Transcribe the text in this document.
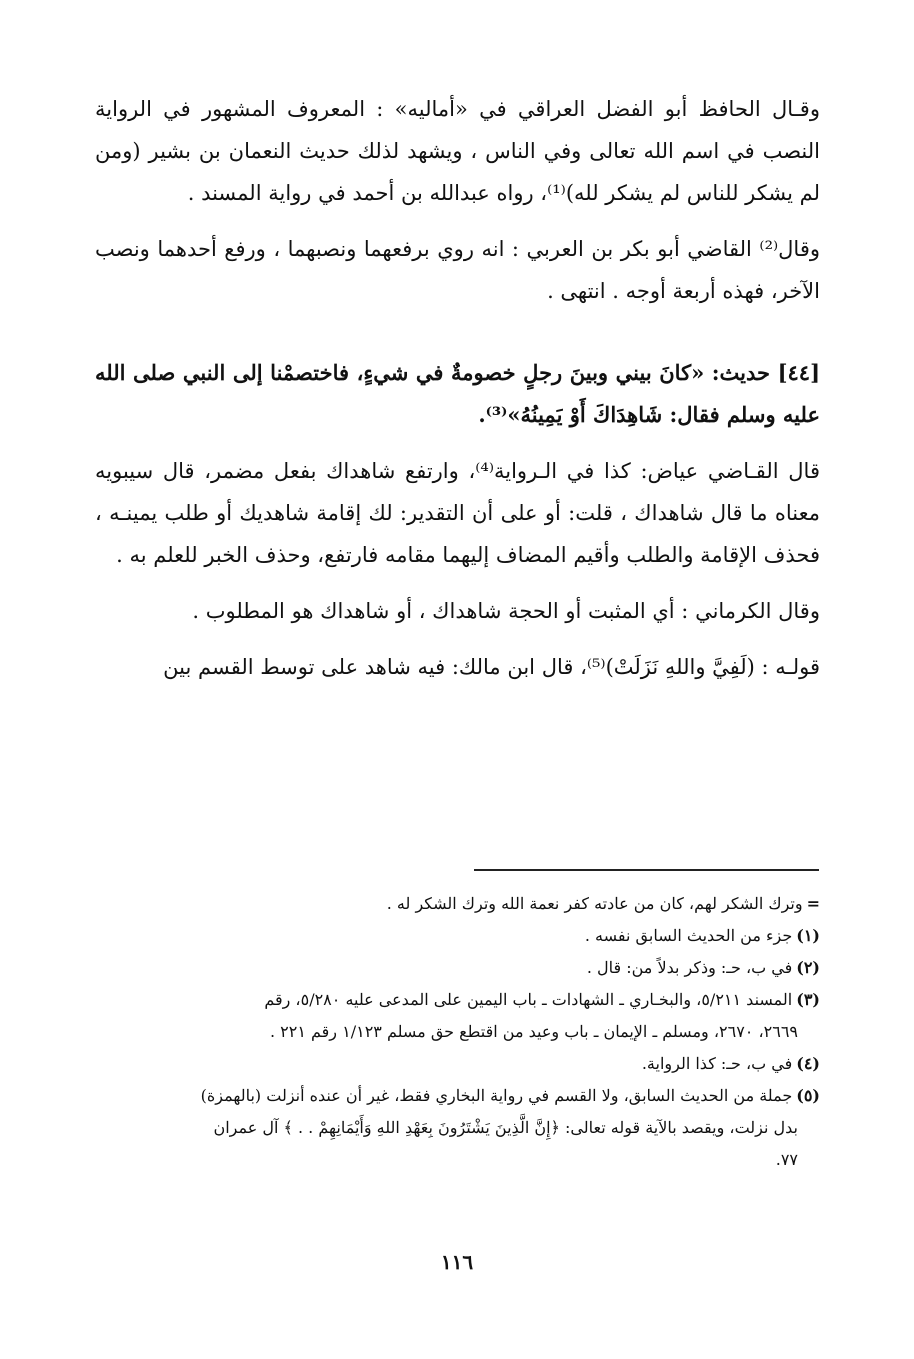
وقـال الحافظ أبو الفضل العراقي في «أماليه» : المعروف المشهور في الرواية النصب في اسم الله تعالى وفي الناس ، ويشهد لذلك حديث النعمان بن بشير (ومن لم يشكر للناس لم يشكر لله)⁽¹⁾، رواه عبدالله بن أحمد في رواية المسند .

وقال⁽²⁾ القاضي أبو بكر بن العربي : انه روي برفعهما ونصبهما ، ورفع أحدهما ونصب الآخر، فهذه أربعة أوجه . انتهى .

[٤٤] حديث: «كانَ بيني وبينَ رجلٍ خصومةٌ في شيءٍ، فاختصمْنا إلى النبي صلى الله عليه وسلم فقال: شَاهِدَاكَ أَوْ يَمِينُهُ»⁽³⁾.

قال القـاضي عياض: كذا في الـرواية⁽⁴⁾، وارتفع شاهداك بفعل مضمر، قال سيبويه معناه ما قال شاهداك ، قلت: أو على أن التقدير: لك إقامة شاهديك أو طلب يمينـه ، فحذف الإقامة والطلب وأقيم المضاف إليهما مقامه فارتفع، وحذف الخبر للعلم به .

وقال الكرماني : أي المثبت أو الحجة شاهداك ، أو شاهداك هو المطلوب .

قولـه : (لَفِيَّ واللهِ نَزَلَتْ)⁽⁵⁾، قال ابن مالك: فيه شاهد على توسط القسم بين

=وترك الشكر لهم، كان من عادته كفر نعمة الله وترك الشكر له .

(١)جزء من الحديث السابق نفسه .

(٢)في ب، حـ: وذكر بدلاً من: قال .

(٣)المسند ٥/٢١١، والبخـاري ـ الشهادات ـ باب اليمين على المدعى عليه ٥/٢٨٠، رقم

٢٦٦٩، ٢٦٧٠، ومسلم ـ الإيمان ـ باب وعيد من اقتطع حق مسلم ١/١٢٣ رقم ٢٢١ .

(٤)في ب، حـ: كذا الرواية.

(٥)جملة من الحديث السابق، ولا القسم في رواية البخاري فقط، غير أن عنده أنزلت (بالهمزة)

بدل نزلت، ويقصد بالآية قوله تعالى: ﴿إِنَّ الَّذِينَ يَشْتَرُونَ بِعَهْدِ اللهِ وَأَيْمَانِهِمْ . . ﴾ آل عمران

٧٧.

١١٦
